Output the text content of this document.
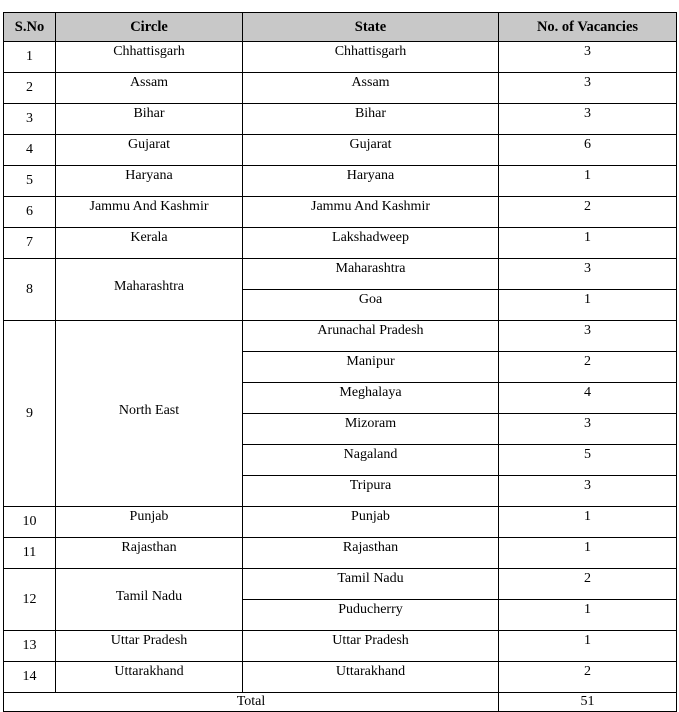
S.No	Circle	State	No. of Vacancies
1	Chhattisgarh	Chhattisgarh	3
2	Assam	Assam	3
3	Bihar	Bihar	3
4	Gujarat	Gujarat	6
5	Haryana	Haryana	1
6	Jammu And Kashmir	Jammu And Kashmir	2
7	Kerala	Lakshadweep	1
8	Maharashtra	Maharashtra	3
		Goa	1
9	North East	Arunachal Pradesh	3
		Manipur	2
		Meghalaya	4
		Mizoram	3
		Nagaland	5
		Tripura	3
10	Punjab	Punjab	1
11	Rajasthan	Rajasthan	1
12	Tamil Nadu	Tamil Nadu	2
		Puducherry	1
13	Uttar Pradesh	Uttar Pradesh	1
14	Uttarakhand	Uttarakhand	2
Total			51
